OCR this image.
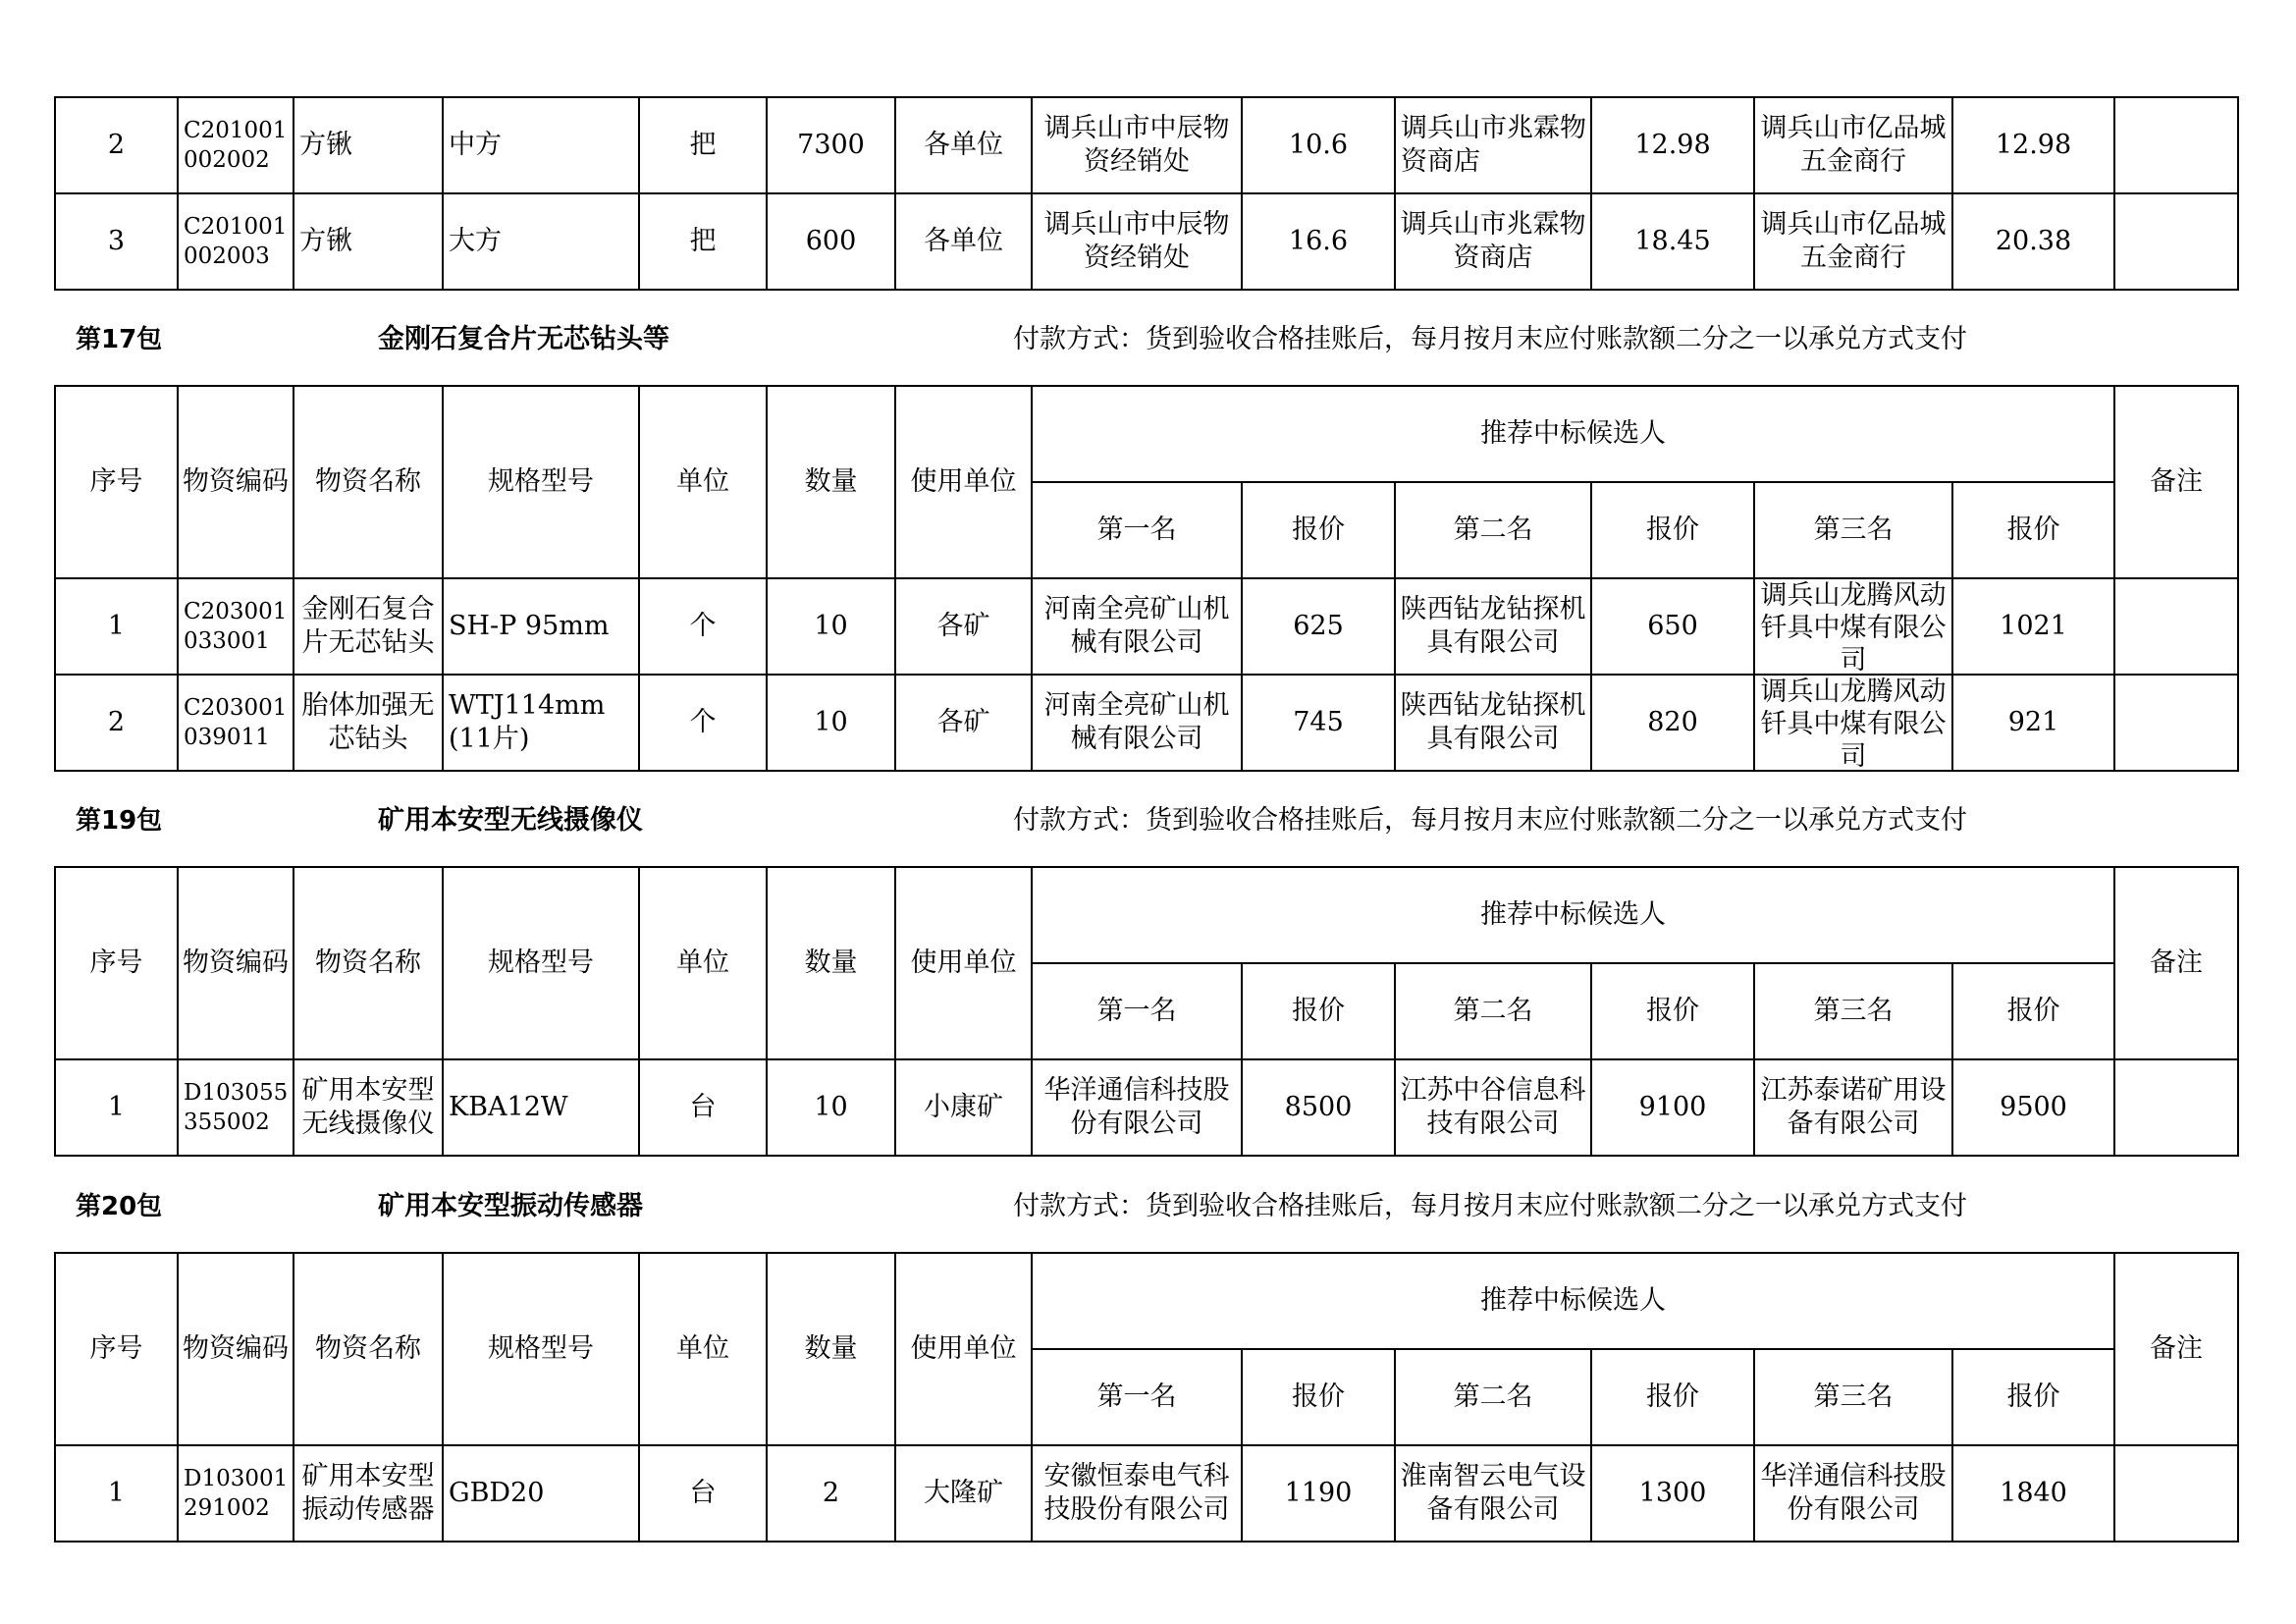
2	C201001002002	方锹	中方	把	7300	各单位	调兵山市中辰物资经销处	10.6	调兵山市兆霖物资商店	12.98	调兵山市亿品城五金商行	12.98	
3	C201001002003	方锹	大方	把	600	各单位	调兵山市中辰物资经销处	16.6	调兵山市兆霖物资商店	18.45	调兵山市亿品城五金商行	20.38	
第17包	金刚石复合片无芯钻头等	付款方式：货到验收合格挂账后，每月按月末应付账款额二分之一以承兑方式支付
序号	物资编码	物资名称	规格型号	单位	数量	使用单位	推荐中标候选人						备注
							第一名	报价	第二名	报价	第三名	报价	
1	C203001033001	金刚石复合片无芯钻头	SH-P 95mm	个	10	各矿	河南全亮矿山机械有限公司	625	陕西钻龙钻探机具有限公司	650	调兵山龙腾风动钎具中煤有限公司	1021	
2	C203001039011	胎体加强无芯钻头	WTJ114mm (11片)	个	10	各矿	河南全亮矿山机械有限公司	745	陕西钻龙钻探机具有限公司	820	调兵山龙腾风动钎具中煤有限公司	921	
第19包	矿用本安型无线摄像仪	付款方式：货到验收合格挂账后，每月按月末应付账款额二分之一以承兑方式支付
序号	物资编码	物资名称	规格型号	单位	数量	使用单位	推荐中标候选人						备注
							第一名	报价	第二名	报价	第三名	报价	
1	D103055355002	矿用本安型无线摄像仪	KBA12W	台	10	小康矿	华洋通信科技股份有限公司	8500	江苏中谷信息科技有限公司	9100	江苏泰诺矿用设备有限公司	9500	
第20包	矿用本安型振动传感器	付款方式：货到验收合格挂账后，每月按月末应付账款额二分之一以承兑方式支付
序号	物资编码	物资名称	规格型号	单位	数量	使用单位	推荐中标候选人						备注
							第一名	报价	第二名	报价	第三名	报价	
1	D103001291002	矿用本安型振动传感器	GBD20	台	2	大隆矿	安徽恒泰电气科技股份有限公司	1190	淮南智云电气设备有限公司	1300	华洋通信科技股份有限公司	1840	
